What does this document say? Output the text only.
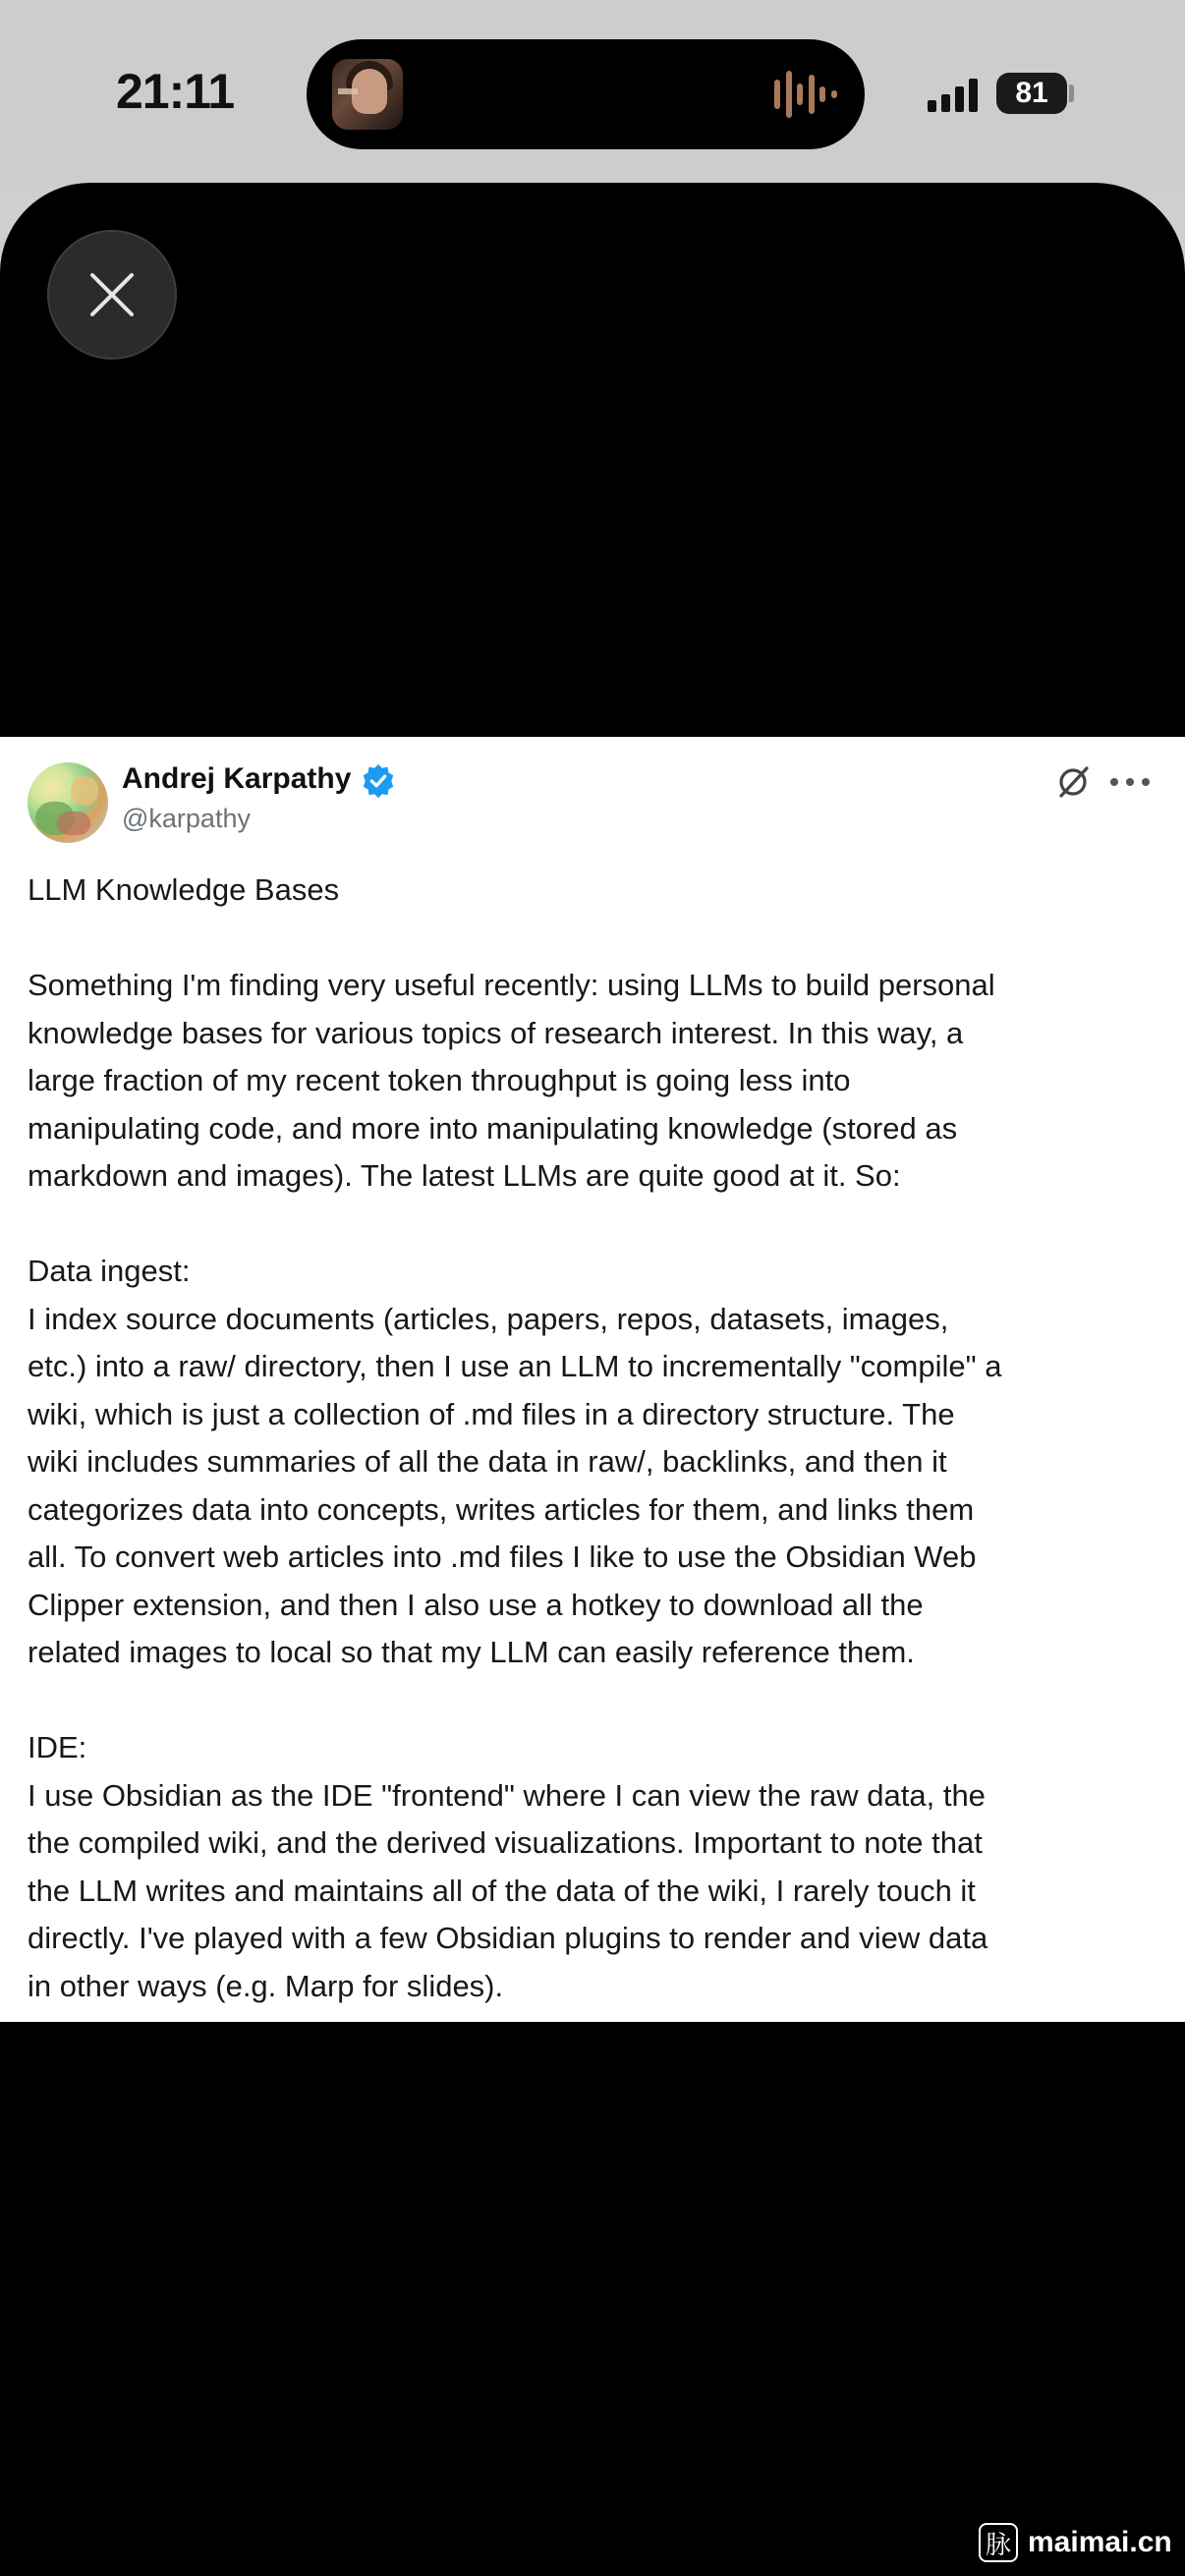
21:11	81
Andrej Karpathy
@karpathy

LLM Knowledge Bases

Something I'm finding very useful recently: using LLMs to build personal

knowledge bases for various topics of research interest. In this way, a

large fraction of my recent token throughput is going less into

manipulating code, and more into manipulating knowledge (stored as

markdown and images). The latest LLMs are quite good at it. So:

Data ingest:

I index source documents (articles, papers, repos, datasets, images,

etc.) into a raw/ directory, then I use an LLM to incrementally "compile" a

wiki, which is just a collection of .md files in a directory structure. The

wiki includes summaries of all the data in raw/, backlinks, and then it

categorizes data into concepts, writes articles for them, and links them

all. To convert web articles into .md files I like to use the Obsidian Web

Clipper extension, and then I also use a hotkey to download all the

related images to local so that my LLM can easily reference them.

IDE:

I use Obsidian as the IDE "frontend" where I can view the raw data, the

the compiled wiki, and the derived visualizations. Important to note that

the LLM writes and maintains all of the data of the wiki, I rarely touch it

directly. I've played with a few Obsidian plugins to render and view data

in other ways (e.g. Marp for slides).

脉 maimai.cn
